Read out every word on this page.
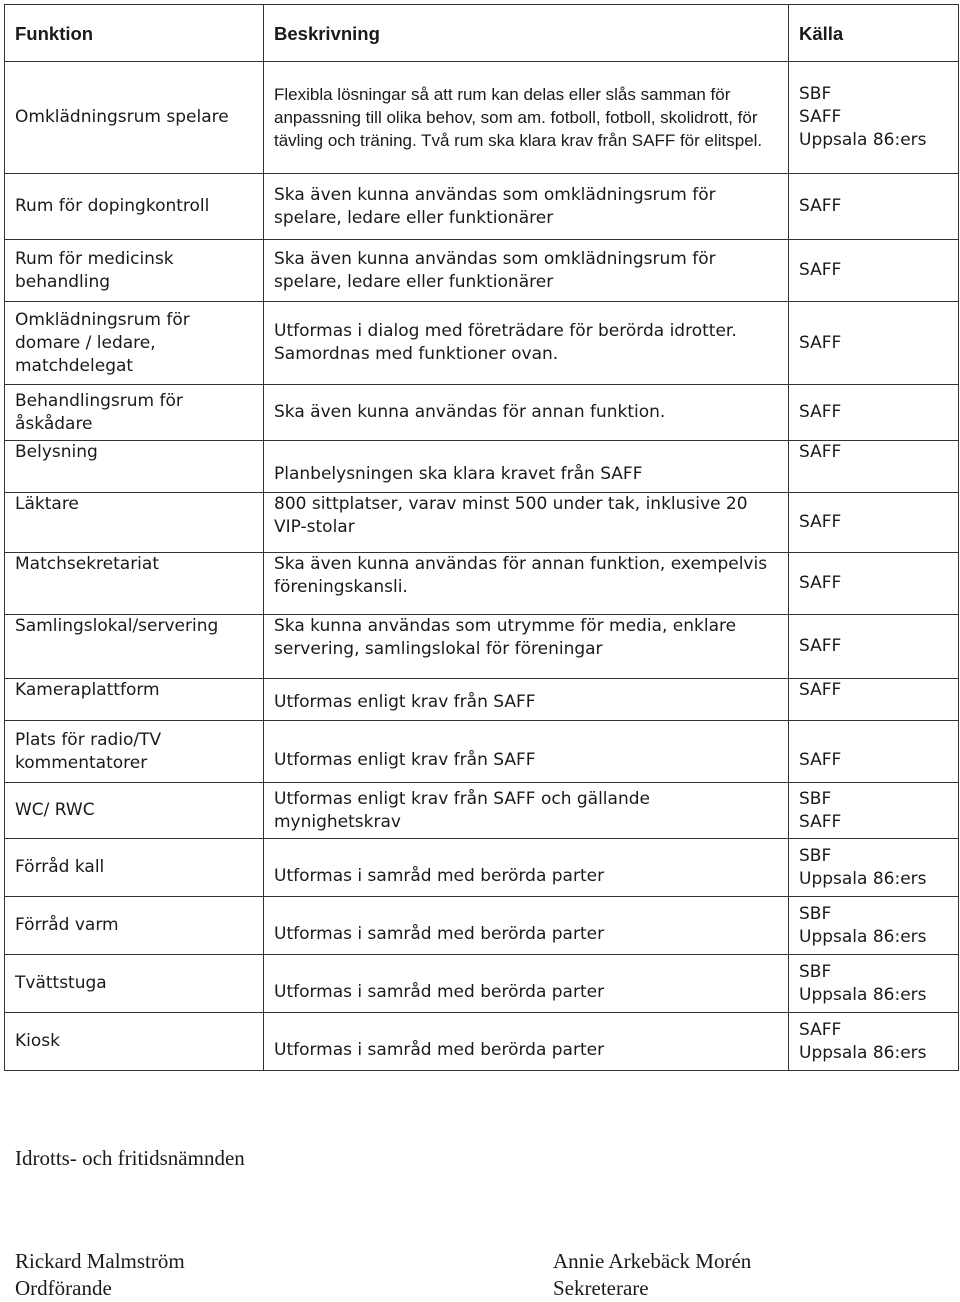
Funktion	Beskrivning	Källa

Omklädningsrum spelare	Flexibla lösningar så att rum kan delas eller slås samman för anpassning till olika behov, som am. fotboll, fotboll, skolidrott, för tävling och träning. Två rum ska klara krav från SAFF för elitspel.	SBF
SAFF
Uppsala 86:ers

Rum för dopingkontroll	Ska även kunna användas som omklädningsrum för spelare, ledare eller funktionärer	SAFF

Rum för medicinsk behandling	Ska även kunna användas som omklädningsrum för spelare, ledare eller funktionärer	SAFF

Omklädningsrum för domare / ledare, matchdelegat	Utformas i dialog med företrädare för berörda idrotter. Samordnas med funktioner ovan.	SAFF

Behandlingsrum för åskådare	Ska även kunna användas för annan funktion.	SAFF

Belysning	Planbelysningen ska klara kravet från SAFF	SAFF

Läktare	800 sittplatser, varav minst 500 under tak, inklusive 20 VIP-stolar	SAFF

Matchsekretariat	Ska även kunna användas för annan funktion, exempelvis föreningskansli.	SAFF

Samlingslokal/servering	Ska kunna användas som utrymme för media, enklare servering, samlingslokal för föreningar	SAFF

Kameraplattform	Utformas enligt krav från SAFF	SAFF

Plats för radio/TV kommentatorer	Utformas enligt krav från SAFF	SAFF

WC/ RWC	Utformas enligt krav från SAFF och gällande mynighetskrav	SBF
SAFF

Förråd kall	Utformas i samråd med berörda parter	SBF
Uppsala 86:ers

Förråd varm	Utformas i samråd med berörda parter	SBF
Uppsala 86:ers

Tvättstuga	Utformas i samråd med berörda parter	SBF
Uppsala 86:ers

Kiosk	Utformas i samråd med berörda parter	SAFF
Uppsala 86:ers
Idrotts- och fritidsnämnden
Rickard Malmström
Ordförande
Annie Arkebäck Morén
Sekreterare
